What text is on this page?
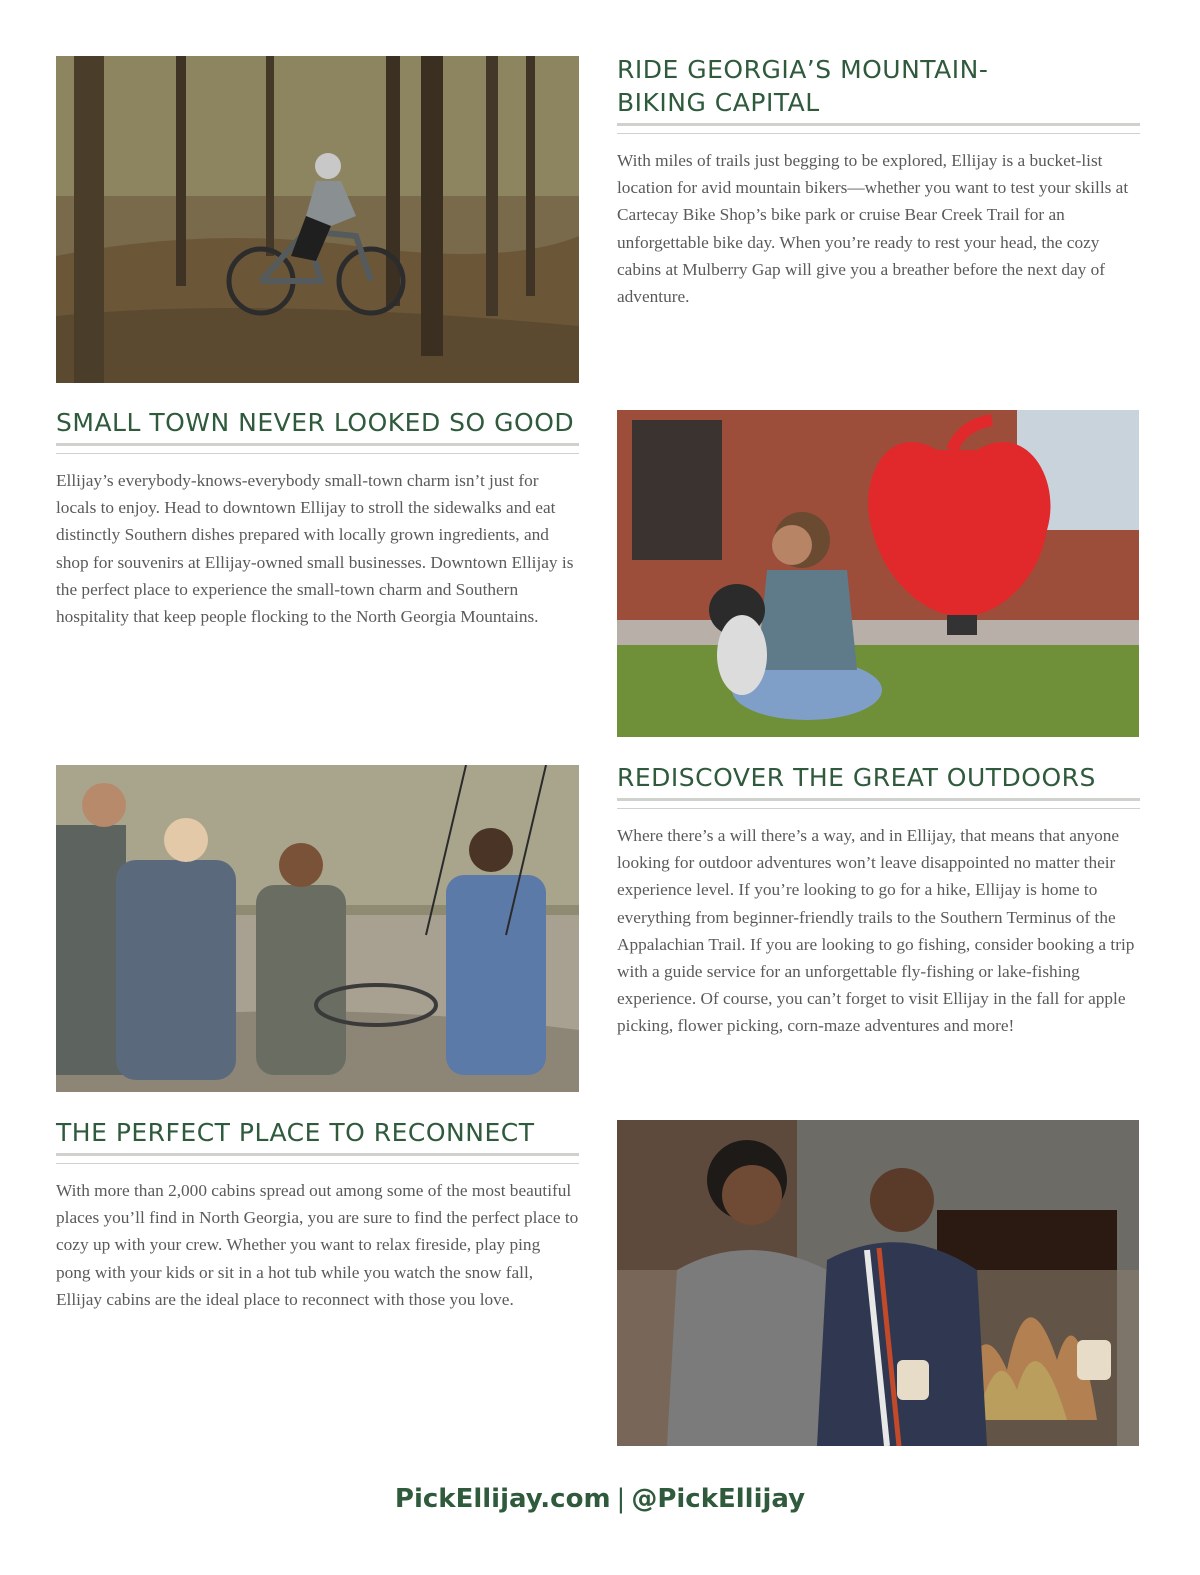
RIDE GEORGIA’S MOUNTAIN-
BIKING CAPITAL

With miles of trails just begging to be explored, Ellijay is a bucket-list location for avid mountain bikers—whether you want to test your skills at Cartecay Bike Shop’s bike park or cruise Bear Creek Trail for an unforgettable bike day. When you’re ready to rest your head, the cozy cabins at Mulberry Gap will give you a breather before the next day of adventure.

SMALL TOWN NEVER LOOKED SO GOOD

Ellijay’s everybody-knows-everybody small-town charm isn’t just for locals to enjoy. Head to downtown Ellijay to stroll the sidewalks and eat distinctly Southern dishes prepared with locally grown ingredients, and shop for souvenirs at Ellijay-owned small businesses. Downtown Ellijay is the perfect place to experience the small-town charm and Southern hospitality that keep people flocking to the North Georgia Mountains.

REDISCOVER THE GREAT OUTDOORS

Where there’s a will there’s a way, and in Ellijay, that means that anyone looking for outdoor adventures won’t leave disappointed no matter their experience level. If you’re looking to go for a hike, Ellijay is home to everything from beginner-friendly trails to the Southern Terminus of the Appalachian Trail. If you are looking to go fishing, consider booking a trip with a guide service for an unforgettable fly-fishing or lake-fishing experience. Of course, you can’t forget to visit Ellijay in the fall for apple picking, flower picking, corn-maze adventures and more!

THE PERFECT PLACE TO RECONNECT

With more than 2,000 cabins spread out among some of the most beautiful places you’ll find in North Georgia, you are sure to find the perfect place to cozy up with your crew. Whether you want to relax fireside, play ping pong with your kids or sit in a hot tub while you watch the snow fall, Ellijay cabins are the ideal place to reconnect with those you love.

PickEllijay.com | @PickEllijay
